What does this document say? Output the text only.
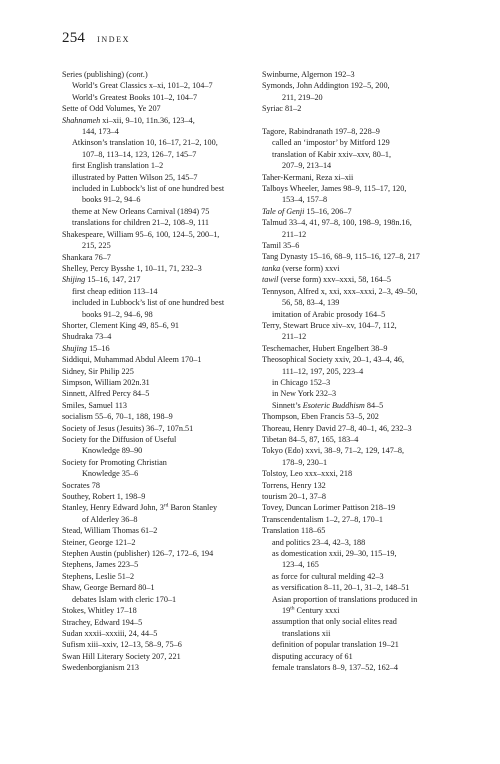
254 index
Series (publishing) (cont.)
World’s Great Classics x–xi, 101–2, 104–7
World’s Greatest Books 101–2, 104–7
Sette of Odd Volumes, Ye 207
Shahnameh xi–xii, 9–10, 11n.36, 123–4,
144, 173–4
Atkinson’s translation 10, 16–17, 21–2, 100,
107–8, 113–14, 123, 126–7, 145–7
first English translation 1–2
illustrated by Patten Wilson 25, 145–7
included in Lubbock’s list of one hundred best
books 91–2, 94–6
theme at New Orleans Carnival (1894) 75
translations for children 21–2, 108–9, 111
Shakespeare, William 95–6, 100, 124–5, 200–1,
215, 225
Shankara 76–7
Shelley, Percy Bysshe 1, 10–11, 71, 232–3
Shijing 15–16, 147, 217
first cheap edition 113–14
included in Lubbock’s list of one hundred best
books 91–2, 94–6, 98
Shorter, Clement King 49, 85–6, 91
Shudraka 73–4
Shujing 15–16
Siddiqui, Muhammad Abdul Aleem 170–1
Sidney, Sir Philip 225
Simpson, William 202n.31
Sinnett, Alfred Percy 84–5
Smiles, Samuel 113
socialism 55–6, 70–1, 188, 198–9
Society of Jesus (Jesuits) 36–7, 107n.51
Society for the Diffusion of Useful
Knowledge 89–90
Society for Promoting Christian
Knowledge 35–6
Socrates 78
Southey, Robert 1, 198–9
Stanley, Henry Edward John, 3rd Baron Stanley
of Alderley 36–8
Stead, William Thomas 61–2
Steiner, George 121–2
Stephen Austin (publisher) 126–7, 172–6, 194
Stephens, James 223–5
Stephens, Leslie 51–2
Shaw, George Bernard 80–1
debates Islam with cleric 170–1
Stokes, Whitley 17–18
Strachey, Edward 194–5
Sudan xxxii–xxxiii, 24, 44–5
Sufism xiii–xxiv, 12–13, 58–9, 75–6
Swan Hill Literary Society 207, 221
Swedenborgianism 213
Swinburne, Algernon 192–3
Symonds, John Addington 192–5, 200,
211, 219–20
Syriac 81–2
Tagore, Rabindranath 197–8, 228–9
called an ‘impostor’ by Mitford 129
translation of Kabir xxiv–xxv, 80–1,
207–9, 213–14
Taher-Kermani, Reza xi–xii
Talboys Wheeler, James 98–9, 115–17, 120,
153–4, 157–8
Tale of Genji 15–16, 206–7
Talmud 33–4, 41, 97–8, 100, 198–9, 198n.16,
211–12
Tamil 35–6
Tang Dynasty 15–16, 68–9, 115–16, 127–8, 217
tanka (verse form) xxvi
tawil (verse form) xxv–xxxi, 58, 164–5
Tennyson, Alfred x, xxi, xxx–xxxi, 2–3, 49–50,
56, 58, 83–4, 139
imitation of Arabic prosody 164–5
Terry, Stewart Bruce xiv–xv, 104–7, 112,
211–12
Teschemacher, Hubert Engelbert 38–9
Theosophical Society xxiv, 20–1, 43–4, 46,
111–12, 197, 205, 223–4
in Chicago 152–3
in New York 232–3
Sinnett’s Esoteric Buddhism 84–5
Thompson, Eben Francis 53–5, 202
Thoreau, Henry David 27–8, 40–1, 46, 232–3
Tibetan 84–5, 87, 165, 183–4
Tokyo (Edo) xxvi, 38–9, 71–2, 129, 147–8,
178–9, 230–1
Tolstoy, Leo xxx–xxxi, 218
Torrens, Henry 132
tourism 20–1, 37–8
Tovey, Duncan Lorimer Pattison 218–19
Transcendentalism 1–2, 27–8, 170–1
Translation 118–65
and politics 23–4, 42–3, 188
as domestication xxii, 29–30, 115–19,
123–4, 165
as force for cultural melding 42–3
as versification 8–11, 20–1, 31–2, 148–51
Asian proportion of translations produced in
19th Century xxxi
assumption that only social elites read
translations xii
definition of popular translation 19–21
disputing accuracy of 61
female translators 8–9, 137–52, 162–4
